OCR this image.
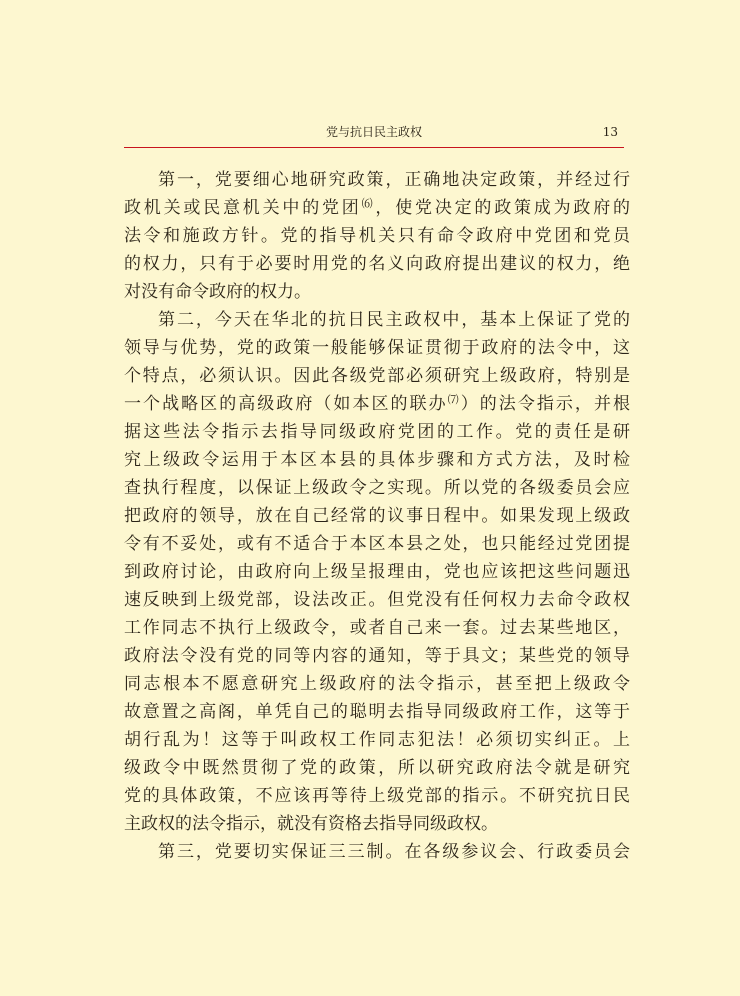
党与抗日民主政权	13
第一，党要细心地研究政策，正确地决定政策，并经过行
政机关或民意机关中的党团⑹，使党决定的政策成为政府的
法令和施政方针。党的指导机关只有命令政府中党团和党员
的权力，只有于必要时用党的名义向政府提出建议的权力，绝
对没有命令政府的权力。
第二，今天在华北的抗日民主政权中，基本上保证了党的
领导与优势，党的政策一般能够保证贯彻于政府的法令中，这
个特点，必须认识。因此各级党部必须研究上级政府，特别是
一个战略区的高级政府（如本区的联办⑺）的法令指示，并根
据这些法令指示去指导同级政府党团的工作。党的责任是研
究上级政令运用于本区本县的具体步骤和方式方法，及时检
查执行程度，以保证上级政令之实现。所以党的各级委员会应
把政府的领导，放在自己经常的议事日程中。如果发现上级政
令有不妥处，或有不适合于本区本县之处，也只能经过党团提
到政府讨论，由政府向上级呈报理由，党也应该把这些问题迅
速反映到上级党部，设法改正。但党没有任何权力去命令政权
工作同志不执行上级政令，或者自己来一套。过去某些地区，
政府法令没有党的同等内容的通知，等于具文；某些党的领导
同志根本不愿意研究上级政府的法令指示，甚至把上级政令
故意置之高阁，单凭自己的聪明去指导同级政府工作，这等于
胡行乱为！这等于叫政权工作同志犯法！必须切实纠正。上
级政令中既然贯彻了党的政策，所以研究政府法令就是研究
党的具体政策，不应该再等待上级党部的指示。不研究抗日民
主政权的法令指示，就没有资格去指导同级政权。
第三，党要切实保证三三制。在各级参议会、行政委员会
